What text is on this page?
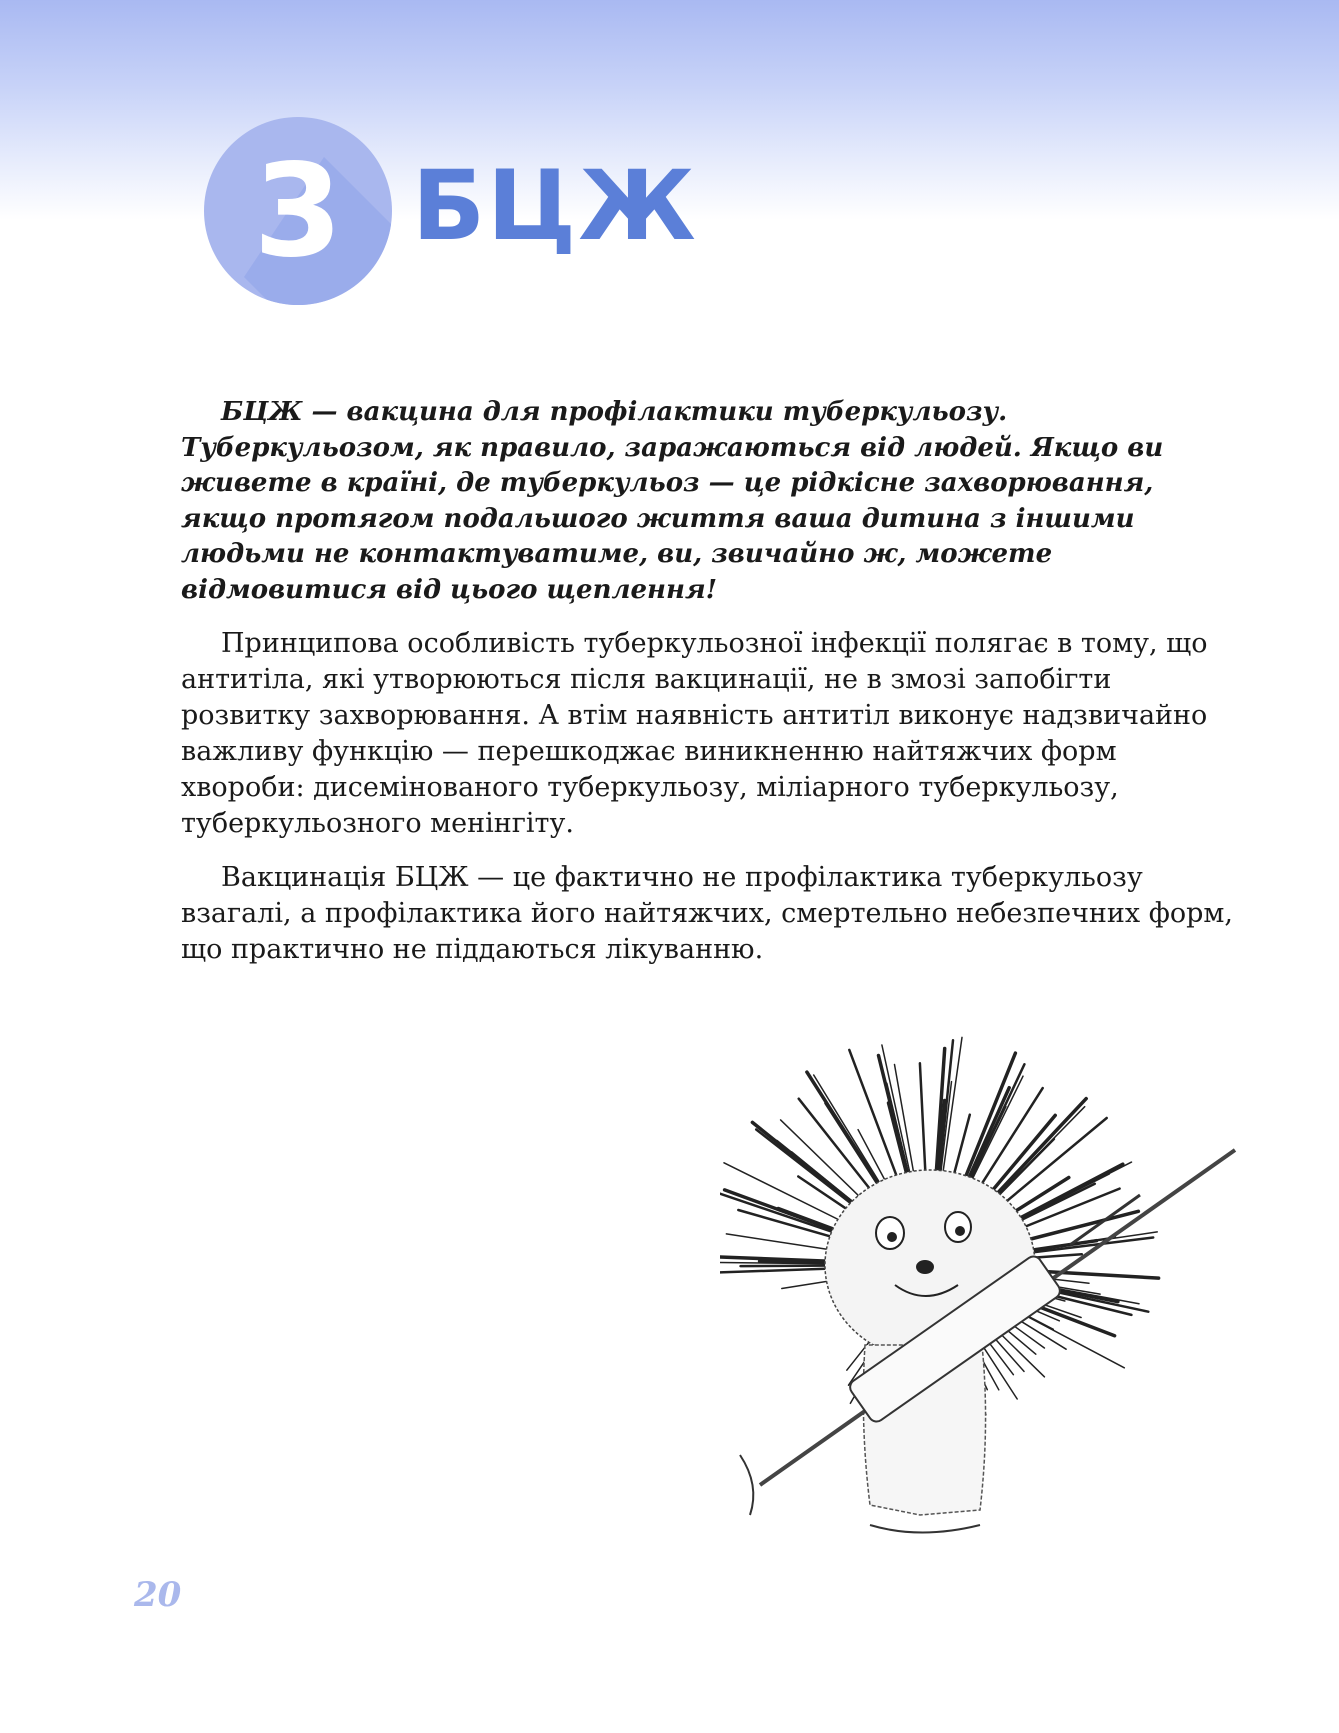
3 БЦЖ

БЦЖ — вакцина для профілактики туберкульозу. Туберкульозом, як правило, заражаються від людей. Якщо ви живете в країні, де туберкульоз — це рідкісне захворювання, якщо протягом подальшого життя ваша дитина з іншими людьми не контактуватиме, ви, звичайно ж, можете відмовитися від цього щеплення!

Принципова особливість туберкульозної інфекції полягає в тому, що антитіла, які утворюються після вакцинації, не в змозі запобігти розвитку захворювання. А втім наявність антитіл виконує надзвичайно важливу функцію — перешкоджає виникненню найтяжчих форм хвороби: дисемінованого туберкульозу, міліарного туберкульозу, туберкульозного менінгіту.

Вакцинація БЦЖ — це фактично не профілактика туберкульозу взагалі, а профілактика його найтяжчих, смертельно небезпечних форм, що практично не піддаються лікуванню.

20
